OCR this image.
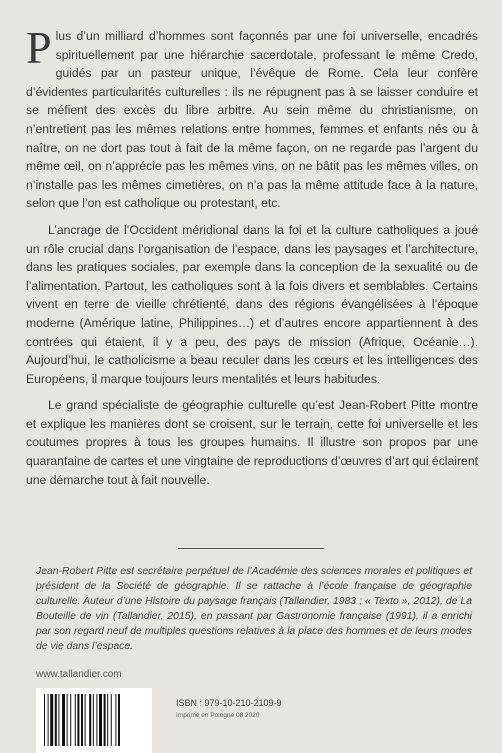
Plus d’un milliard d’hommes sont façonnés par une foi universelle, encadrés spirituellement par une hiérarchie sacerdotale, professant le même Credo, guidés par un pasteur unique, l’évêque de Rome. Cela leur confère d’évidentes particularités culturelles : ils ne répugnent pas à se laisser conduire et se méfient des excès du libre arbitre. Au sein même du christianisme, on n’entretient pas les mêmes relations entre hommes, femmes et enfants nés ou à naître, on ne dort pas tout à fait de la même façon, on ne regarde pas l’argent du même œil, on n’apprécie pas les mêmes vins, on ne bâtit pas les mêmes villes, on n’installe pas les mêmes cimetières, on n’a pas la même attitude face à la nature, selon que l’on est catholique ou protestant, etc.

L’ancrage de l’Occident méridional dans la foi et la culture catholiques a joué un rôle crucial dans l’organisation de l’espace, dans les paysages et l’architecture, dans les pratiques sociales, par exemple dans la conception de la sexualité ou de l’alimentation. Partout, les catholiques sont à la fois divers et semblables. Certains vivent en terre de vieille chrétienté, dans des régions évangélisées à l’époque moderne (Amérique latine, Philippines…) et d’autres encore appartiennent à des contrées qui étaient, il y a peu, des pays de mission (Afrique, Océanie…). Aujourd’hui, le catholicisme a beau reculer dans les cœurs et les intelligences des Européens, il marque toujours leurs mentalités et leurs habitudes.

Le grand spécialiste de géographie culturelle qu’est Jean-Robert Pitte montre et explique les manières dont se croisent, sur le terrain, cette foi universelle et les coutumes propres à tous les groupes humains. Il illustre son propos par une quarantaine de cartes et une vingtaine de reproductions d’œuvres d’art qui éclairent une démarche tout à fait nouvelle.

Jean-Robert Pitte est secrétaire perpétuel de l’Académie des sciences morales et politiques et président de la Société de géographie. Il se rattache à l’école française de géographie culturelle. Auteur d’une Histoire du paysage français (Tallandier, 1983 ; « Texto », 2012), de La Bouteille de vin (Tallandier, 2015), en passant par Gastronomie française (1991), il a enrichi par son regard neuf de multiples questions relatives à la place des hommes et de leurs modes de vie dans l’espace.

www.tallandier.com
ISBN : 979-10-210-2109-9
Imprimé en Pologne 08.2020
